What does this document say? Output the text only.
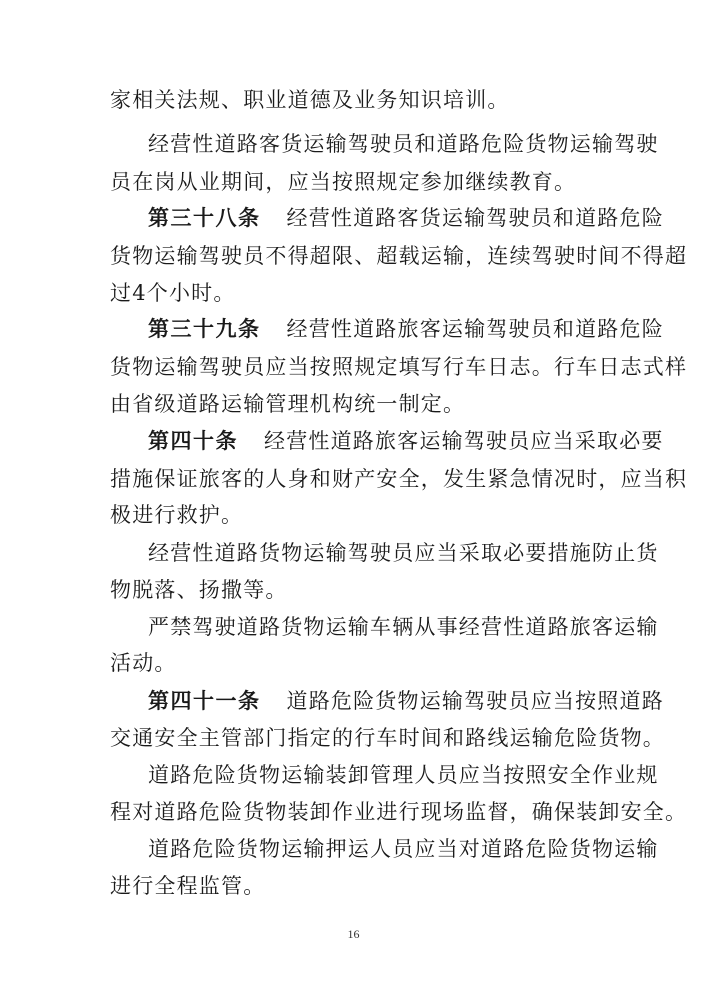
家相关法规、职业道德及业务知识培训。
经营性道路客货运输驾驶员和道路危险货物运输驾驶
员在岗从业期间，应当按照规定参加继续教育。
第三十八条 经营性道路客货运输驾驶员和道路危险
货物运输驾驶员不得超限、超载运输，连续驾驶时间不得超
过4个小时。
第三十九条 经营性道路旅客运输驾驶员和道路危险
货物运输驾驶员应当按照规定填写行车日志。行车日志式样
由省级道路运输管理机构统一制定。
第四十条 经营性道路旅客运输驾驶员应当采取必要
措施保证旅客的人身和财产安全，发生紧急情况时，应当积
极进行救护。
经营性道路货物运输驾驶员应当采取必要措施防止货
物脱落、扬撒等。
严禁驾驶道路货物运输车辆从事经营性道路旅客运输
活动。
第四十一条 道路危险货物运输驾驶员应当按照道路
交通安全主管部门指定的行车时间和路线运输危险货物。
道路危险货物运输装卸管理人员应当按照安全作业规
程对道路危险货物装卸作业进行现场监督，确保装卸安全。
道路危险货物运输押运人员应当对道路危险货物运输
进行全程监管。
16
